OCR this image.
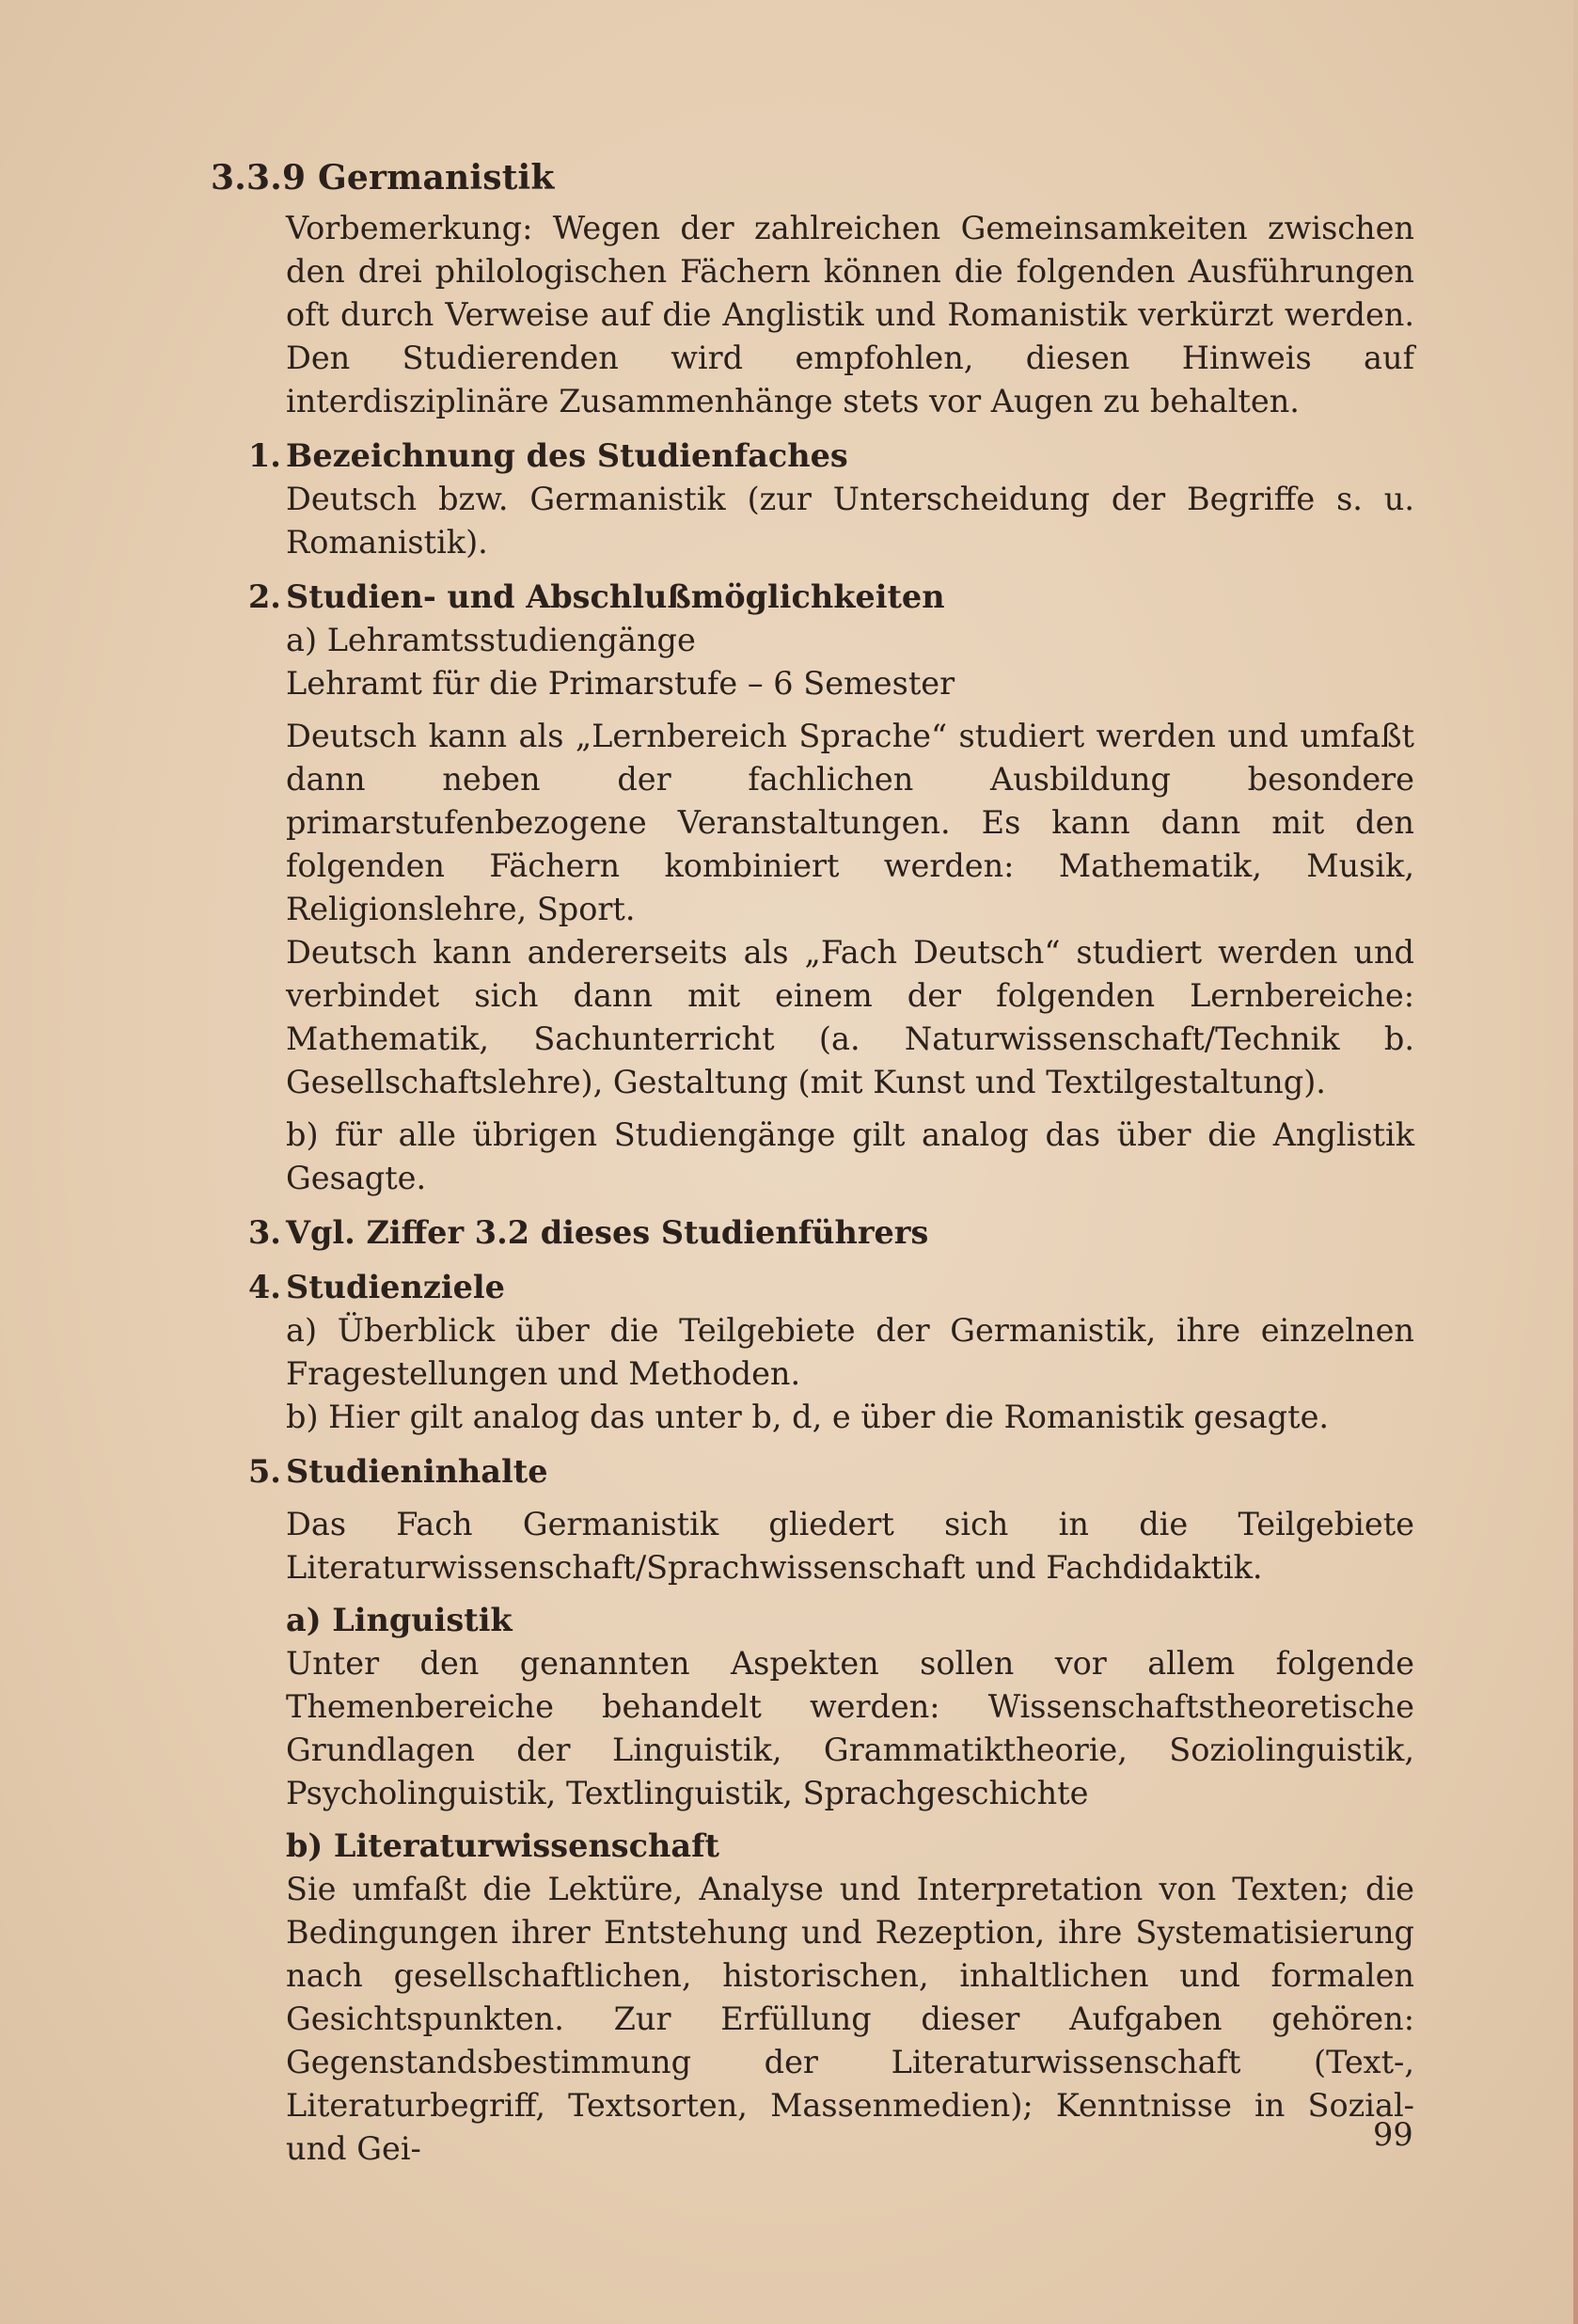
3.3.9 Germanistik

Vorbemerkung: Wegen der zahlreichen Gemeinsamkeiten zwischen den drei philologischen Fächern können die folgenden Ausführungen oft durch Verweise auf die Anglistik und Romanistik verkürzt werden. Den Studierenden wird empfohlen, diesen Hinweis auf interdisziplinäre Zusammenhänge stets vor Augen zu behalten.

1. Bezeichnung des Studienfaches

Deutsch bzw. Germanistik (zur Unterscheidung der Begriffe s. u. Romanistik).

2. Studien- und Abschlußmöglichkeiten

a) Lehramtsstudiengänge

Lehramt für die Primarstufe – 6 Semester

Deutsch kann als „Lernbereich Sprache“ studiert werden und umfaßt dann neben der fachlichen Ausbildung besondere primarstufenbezogene Veranstaltungen. Es kann dann mit den folgenden Fächern kombiniert werden: Mathematik, Musik, Religionslehre, Sport.

Deutsch kann andererseits als „Fach Deutsch“ studiert werden und verbindet sich dann mit einem der folgenden Lernbereiche: Mathematik, Sachunterricht (a. Naturwissenschaft/Technik b. Gesellschaftslehre), Gestaltung (mit Kunst und Textilgestaltung).

b) für alle übrigen Studiengänge gilt analog das über die Anglistik Gesagte.

3. Vgl. Ziffer 3.2 dieses Studienführers
4. Studienziele

a) Überblick über die Teilgebiete der Germanistik, ihre einzelnen Fragestellungen und Methoden.

b) Hier gilt analog das unter b, d, e über die Romanistik gesagte.

5. Studieninhalte

Das Fach Germanistik gliedert sich in die Teilgebiete Literaturwissenschaft/Sprachwissenschaft und Fachdidaktik.

a) Linguistik

Unter den genannten Aspekten sollen vor allem folgende Themenbereiche behandelt werden: Wissenschaftstheoretische Grundlagen der Linguistik, Grammatiktheorie, Soziolinguistik, Psycholinguistik, Textlinguistik, Sprachgeschichte

b) Literaturwissenschaft

Sie umfaßt die Lektüre, Analyse und Interpretation von Texten; die Bedingungen ihrer Entstehung und Rezeption, ihre Systematisierung nach gesellschaftlichen, historischen, inhaltlichen und formalen Gesichtspunkten. Zur Erfüllung dieser Aufgaben gehören: Gegenstandsbestimmung der Literaturwissenschaft (Text-, Literaturbegriff, Textsorten, Massenmedien); Kenntnisse in Sozial- und Gei-	99
